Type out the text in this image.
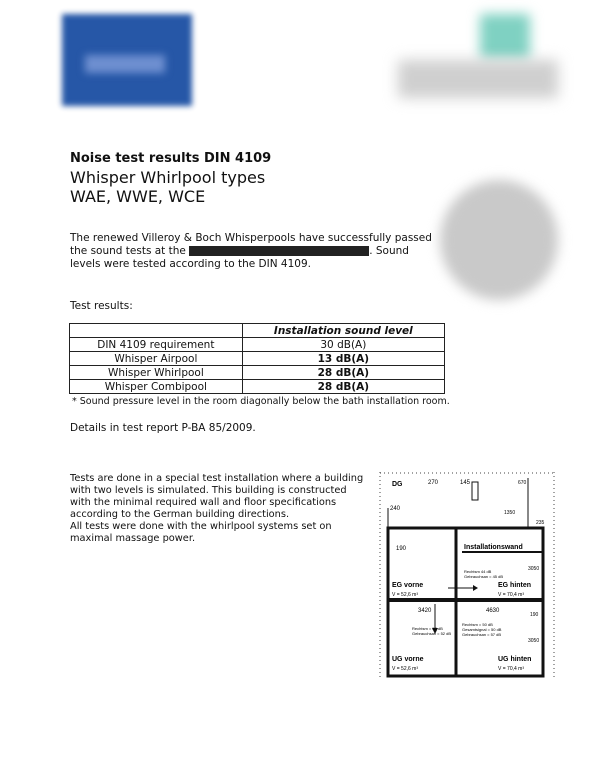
Noise test results DIN 4109
Whisper Whirlpool types
WAE, WWE, WCE
The renewed Villeroy & Boch Whisperpools have successfully passed the sound tests at the	. Sound levels were tested according to the DIN 4109.
Test results:
	Installation sound level
DIN 4109 requirement	30 dB(A)
Whisper Airpool	13 dB(A)
Whisper Whirlpool	28 dB(A)
Whisper Combipool	28 dB(A)
* Sound pressure level in the room diagonally below the bath installation room.
Details in test report P-BA 85/2009.
Tests are done in a special test installation where a building with two levels is simulated. This building is constructed with the minimal required wall and floor specifications according to the German building directions.
All tests were done with the whirlpool systems set on maximal massage power.
DG	270	145	670
240
1350
235
190	Installationswand
3050
Rechtsm 44 dB
Gebrauchsan = 45 dB
EG vorne
V = 52,6 m³
EG hinten
V = 70,4 m³
3420	4630
190
Rechtsm = 52 dB
Gebrauchsan = 52 dB
Rechtsm = 50 dB
Gesamtsignal = 50 dB
Gebrauchsan = 57 dB
3050
UG vorne
V = 52,6 m³
UG hinten
V = 70,4 m³
